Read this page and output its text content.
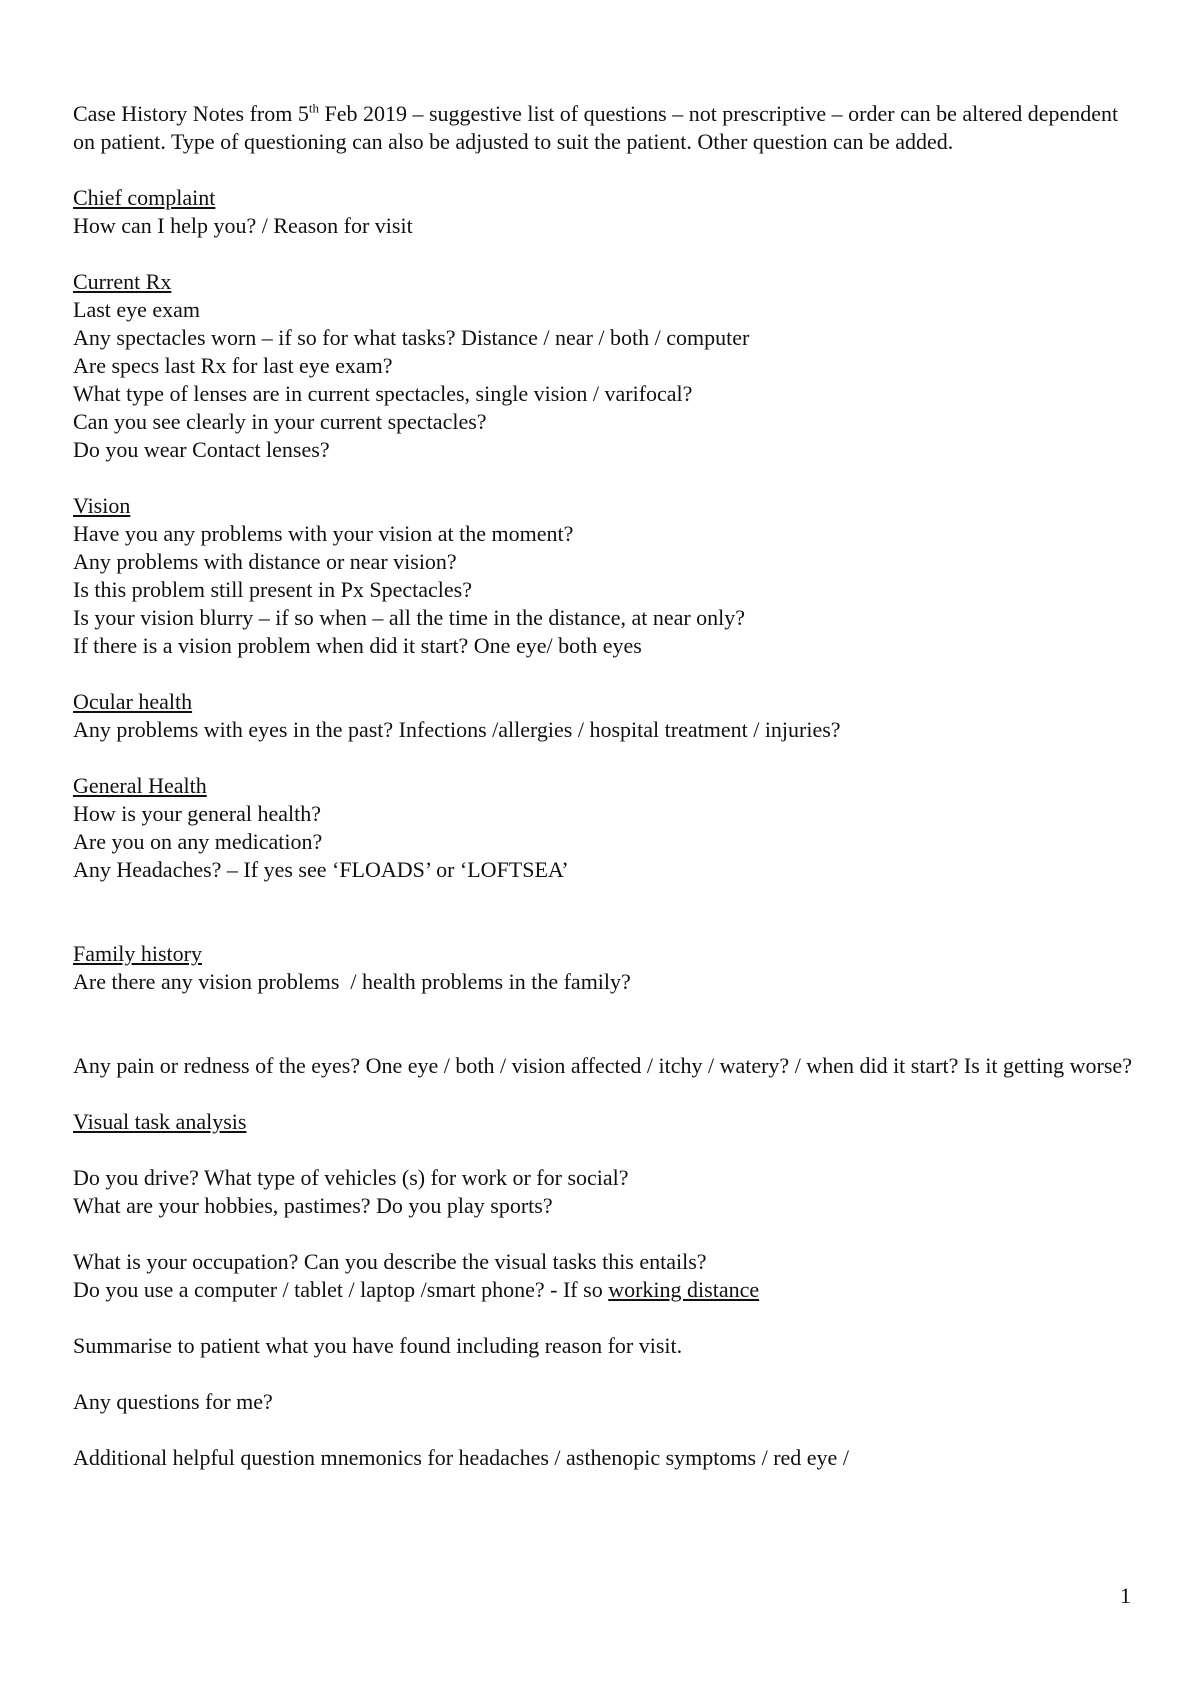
Case History Notes from 5th Feb 2019 – suggestive list of questions – not prescriptive – order can be altered dependent on patient. Type of questioning can also be adjusted to suit the patient. Other question can be added.

Chief complaint
How can I help you? / Reason for visit
Current Rx
Last eye exam
Any spectacles worn – if so for what tasks? Distance / near / both / computer
Are specs last Rx for last eye exam?
What type of lenses are in current spectacles, single vision / varifocal?
Can you see clearly in your current spectacles?
Do you wear Contact lenses?
Vision
Have you any problems with your vision at the moment?
Any problems with distance or near vision?
Is this problem still present in Px Spectacles?
Is your vision blurry – if so when – all the time in the distance, at near only?
If there is a vision problem when did it start? One eye/ both eyes
Ocular health
Any problems with eyes in the past? Infections /allergies / hospital treatment / injuries?
General Health
How is your general health?
Are you on any medication?
Any Headaches? – If yes see ‘FLOADS’ or ‘LOFTSEA’
Family history
Are there any vision problems  / health problems in the family?
Any pain or redness of the eyes? One eye / both / vision affected / itchy / watery? / when did it start? Is it getting worse?
Visual task analysis
Do you drive? What type of vehicles (s) for work or for social?
What are your hobbies, pastimes? Do you play sports?
What is your occupation? Can you describe the visual tasks this entails?
Do you use a computer / tablet / laptop /smart phone? - If so working distance
Summarise to patient what you have found including reason for visit.
Any questions for me?
Additional helpful question mnemonics for headaches / asthenopic symptoms / red eye /
1
